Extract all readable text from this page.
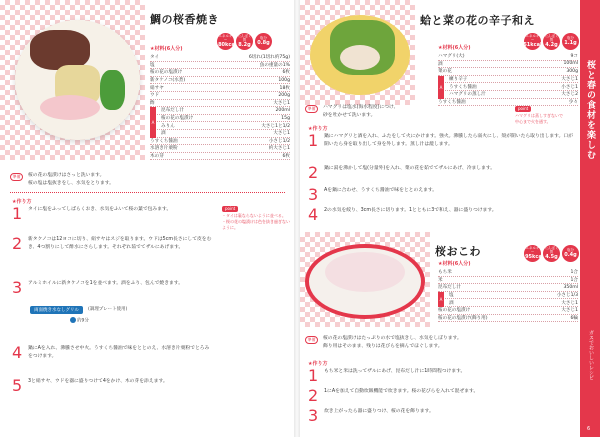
鯛の桜香焼き
エネルギー
180kcal
たんぱく質
8.2g
塩分
0.8g
★材料(6人分)
タイ	6切れ(1切れ約75g)
塩	魚の重量の1%
桜の花の塩漬け	6枚
新タケノコ(水煮)	100g
絹サヤ	18枚
ウド	200g
酢	大さじ1
A
昆布だし汁	200ml
桜の花の塩漬け	15g
みりん	大さじ1と1/2
酒	大さじ1
うすくち醤油	小さじ1/2
水溶き片栗粉	約大さじ1
木の芽	6枚
準備	桜の花の塩漬けはさっと洗います。
桜の塩は塩抜きをし、水気をとります。
★作り方
1	タイに塩をふってしばらくおき、水気をふいて桜の葉で包みます。
2	新タケノコは12ヨコに切り、絹サヤはスジを取ります。ウドは5cm長さにして皮をむき、4つ割りにして酢水にさらします。それぞれ茹でてザルにあげます。
3	アルミホイルに新タケノコを1を並べます。酒をふり、包んで焼きます。
両面焼き水なしグリル	(調理プレート使用)
約9分
4	鍋にAを入れ、沸騰させ中火。うすくち醤油で味をととのえ、水溶き片栗粉でとろみをつけます。
5	3と絹サヤ、ウドを器に盛りつけて4をかけ、木の芽を添えます。
point
・タイは裏ならないように並べる。
・桜の花の塩漬けは色を抜き過ぎないように。
蛤と菜の花の辛子和え
エネルギー
51kcal
たんぱく質
4.2g
塩分
1.1g
★材料(6人分)
ハマグリ(大)	9コ
酒	100ml
菜の花	300g
A
練り辛子	大さじ1
うすくち醤油	小さじ1
ハマグリの蒸し汁	大さじ2
うすくち醤油	少々
準備	ハマグリは塩水(海水程度)につけ、
砂を吐かせて洗います。
point
ハマグリは蒸しすぎないで
中心まで火を通す。
★作り方
1	鍋にハマグリと酒を入れ、ふたをして火にかけます。強火。沸騰したら弱火にし、殻が開いたら取り出します。口が開いたら身を取り出して身を外します。蒸し汁は漉します。
2	鍋に湯を沸かして塩(分量外)を入れ、菜の花を茹でてザルにあげ、冷まします。
3	Aを鍋に合わせ、うすくち醤油で味をととのえます。
4	2の水気を絞り、3cm長さに切ります。1とともに3で和え、器に盛りつけます。
桜おこわ	エネルギー
195kcal
たんぱく質
4.5g
塩分
0.4g
★材料(6人分)
もち米	1合
米	1合
昆布だし汁	350ml
A
塩	小さじ1/3
酒	大さじ1
桜の花の塩漬け	大さじ1
桜の花の塩漬け(飾り用)	6輪
準備	桜の花の塩漬けはたっぷりの水で塩抜きし、水気をしぼります。
飾り用はそのまま、残りは花びらを摘んでほぐします。
★作り方
1	もち米と米は洗ってザルにあげ、昆布だし汁に1時間程つけます。
2	1にAを加えて自動炊飯機能で炊きます。桜の花びらを入れて混ぜます。
3	炊き上がったら器に盛りつけ、桜の花を飾ります。
桜と春の食材を楽しむ
ガスでおいしいレシピ
6
